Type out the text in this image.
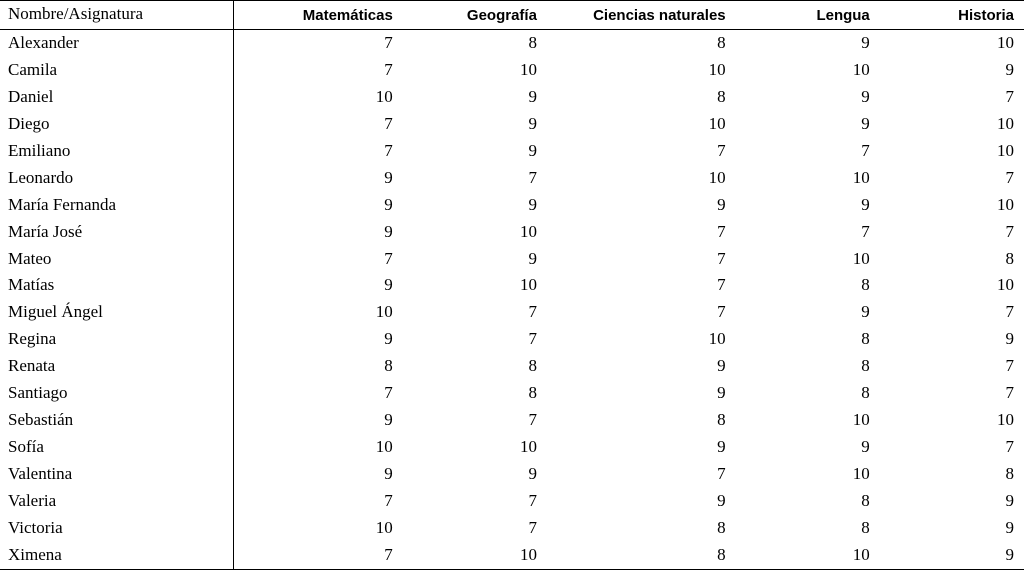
Nombre/Asignatura	Matemáticas	Geografía	Ciencias naturales	Lengua	Historia
Alexander	7	8	8	9	10
Camila	7	10	10	10	9
Daniel	10	9	8	9	7
Diego	7	9	10	9	10
Emiliano	7	9	7	7	10
Leonardo	9	7	10	10	7
María Fernanda	9	9	9	9	10
María José	9	10	7	7	7
Mateo	7	9	7	10	8
Matías	9	10	7	8	10
Miguel Ángel	10	7	7	9	7
Regina	9	7	10	8	9
Renata	8	8	9	8	7
Santiago	7	8	9	8	7
Sebastián	9	7	8	10	10
Sofía	10	10	9	9	7
Valentina	9	9	7	10	8
Valeria	7	7	9	8	9
Victoria	10	7	8	8	9
Ximena	7	10	8	10	9
